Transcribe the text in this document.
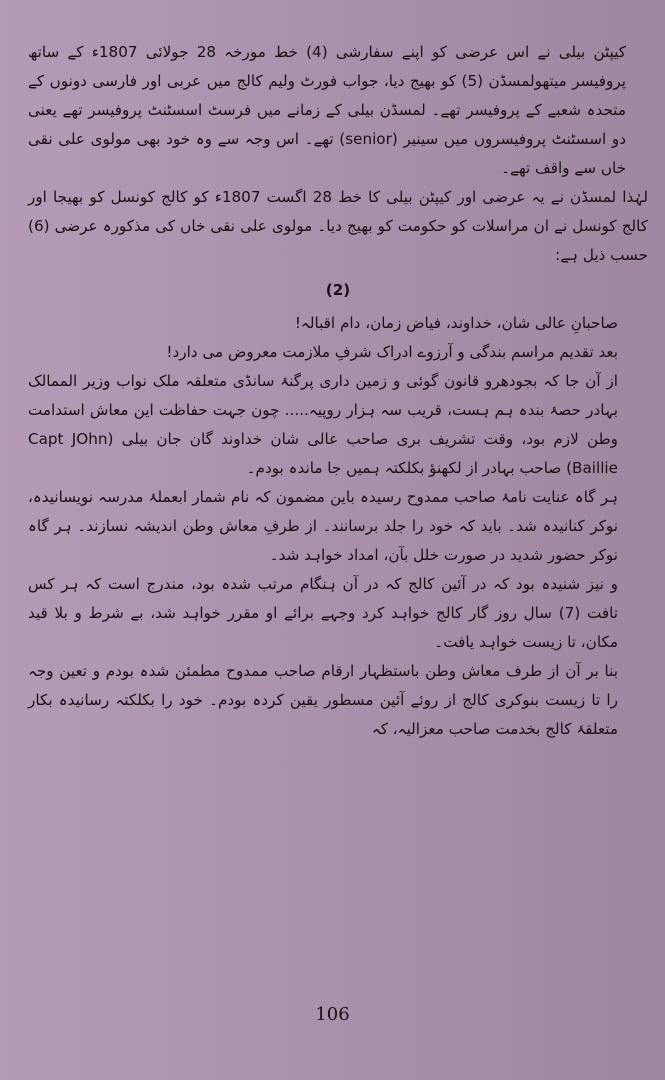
کیپٹن بیلی نے اس عرضی کو اپنے سفارشی (4) خط مورخہ 28 جولائی 1807ء کے ساتھ پروفیسر میتھولمسڈن (5) کو بھیج دیا، جواب فورٹ ولیم کالج میں عربی اور فارسی دونوں کے متحدہ شعبے کے پروفیسر تھے۔ لمسڈن بیلی کے زمانے میں فرسٹ اسسٹنٹ پروفیسر تھے یعنی دو اسسٹنٹ پروفیسروں میں سینیر (senior) تھے۔ اس وجہ سے وہ خود بھی مولوی علی نقی خاں سے واقف تھے۔

لہٰذا لمسڈن نے یہ عرضی اور کیپٹن بیلی کا خط 28 اگست 1807ء کو کالج کونسل کو بھیجا اور کالج کونسل نے ان مراسلات کو حکومت کو بھیج دیا۔ مولوی علی نقی خاں کی مذکورہ عرضی (6) حسب ذیل ہے:

(2)

صاحبانِ عالی شان، خداوند، فیاض زمان، دام اقبالہ!

بعد تقدیم مراسم بندگی و آرزوے ادراک شرفِ ملازمت معروض می دارد!

از آن جا کہ بجودھرو قانون گوئی و زمین داری پرگنۂ سانڈی متعلقہ ملک نواب وزیر الممالک بہادر حصۂ بندہ ہم ہست، قریب سہ ہزار روپیہ..... چون جہت حفاظت این معاش استدامت وطن لازم بود، وقت تشریف بری صاحب عالی شان خداوند گان جان بیلی (Capt JOhn Baillie) صاحب بہادر از لکھنؤ بکلکتہ ہمیں جا ماندہ بودم۔

ہر گاہ عنایت نامۂ صاحب ممدوح رسیدہ باین مضمون کہ نام شمار ابعملۂ مدرسہ نویسانیدہ، نوکر کنانیدہ شد۔ باید کہ خود را جلد برسانند۔ از طرفِ معاش وطن اندیشہ نسازند۔ ہر گاہ نوکر حضور شدید در صورت خلل بآن، امداد خواہد شد۔

و نیز شنیدہ بود کہ در آئین کالج کہ در آن ہنگام مرتب شدہ بود، مندرج است کہ ہر کس تافت (7) سال روز گار کالج خواہد کرد وجہے برائے او مقرر خواہد شد، بے شرط و بلا قید مکان، تا زیست خواہد یافت۔

بنا بر آن از طرف معاش وطن باستظہار ارقام صاحب ممدوح مطمئن شدہ بودم و تعین وجہ را تا زیست بنوکری کالج از روئے آئین مسطور یقین کردہ بودم۔ خود را بکلکتہ رسانیدہ بکار متعلقۂ کالج بخدمت صاحب معزالیہ، کہ

106
